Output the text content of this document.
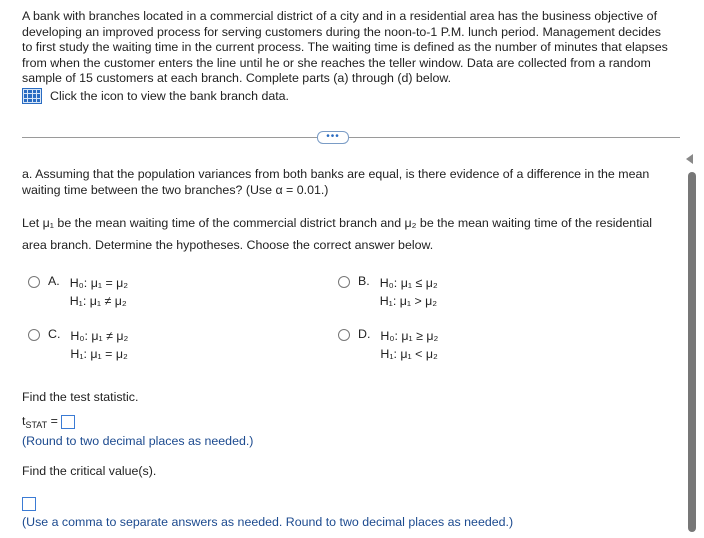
A bank with branches located in a commercial district of a city and in a residential area has the business objective of developing an improved process for serving customers during the noon-to-1 P.M. lunch period. Management decides to first study the waiting time in the current process. The waiting time is defined as the number of minutes that elapses from when the customer enters the line until he or she reaches the teller window. Data are collected from a random sample of 15 customers at each branch. Complete parts (a) through (d) below.
Click the icon to view the bank branch data.
•••
a. Assuming that the population variances from both banks are equal, is there evidence of a difference in the mean waiting time between the two branches? (Use α = 0.01.)
Let μ₁ be the mean waiting time of the commercial district branch and μ₂ be the mean waiting time of the residential area branch. Determine the hypotheses. Choose the correct answer below.
A. H₀: μ₁ = μ₂
H₁: μ₁ ≠ μ₂
B. H₀: μ₁ ≤ μ₂
H₁: μ₁ > μ₂
C. H₀: μ₁ ≠ μ₂
H₁: μ₁ = μ₂
D. H₀: μ₁ ≥ μ₂
H₁: μ₁ < μ₂
Find the test statistic.
$t_{STAT}$ =
(Round to two decimal places as needed.)
Find the critical value(s).
(Use a comma to separate answers as needed. Round to two decimal places as needed.)
